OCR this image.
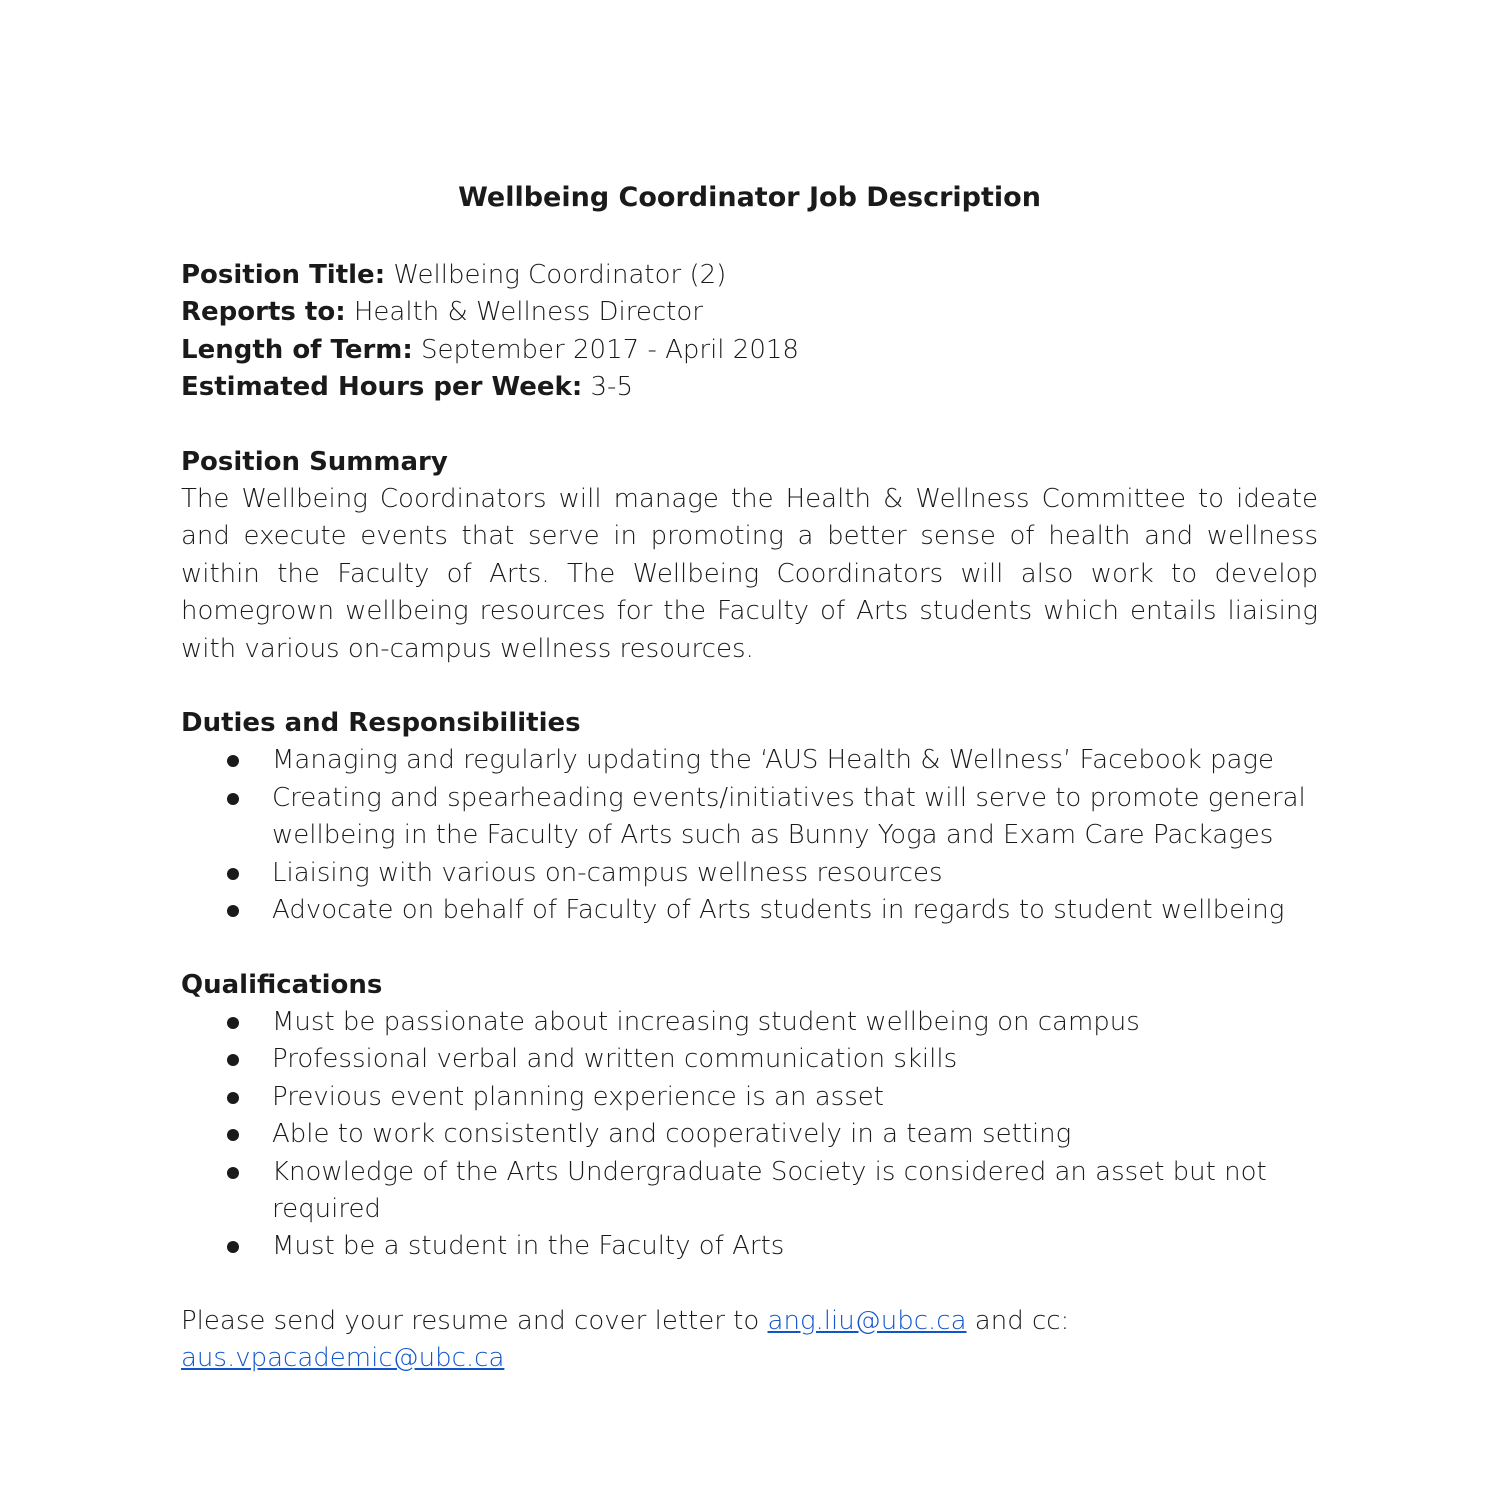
Wellbeing Coordinator Job Description

Position Title: Wellbeing Coordinator (2)

Reports to: Health & Wellness Director

Length of Term: September 2017 - April 2018

Estimated Hours per Week: 3-5

Position Summary

The Wellbeing Coordinators will manage the Health & Wellness Committee to ideate and execute events that serve in promoting a better sense of health and wellness within the Faculty of Arts. The Wellbeing Coordinators will also work to develop homegrown wellbeing resources for the Faculty of Arts students which entails liaising with various on-campus wellness resources.

Duties and Responsibilities

Managing and regularly updating the ‘AUS Health & Wellness’ Facebook page
Creating and spearheading events/initiatives that will serve to promote general wellbeing in the Faculty of Arts such as Bunny Yoga and Exam Care Packages
Liaising with various on-campus wellness resources
Advocate on behalf of Faculty of Arts students in regards to student wellbeing

Qualifications

Must be passionate about increasing student wellbeing on campus
Professional verbal and written communication skills
Previous event planning experience is an asset
Able to work consistently and cooperatively in a team setting
Knowledge of the Arts Undergraduate Society is considered an asset but not required
Must be a student in the Faculty of Arts

Please send your resume and cover letter to ang.liu@ubc.ca and cc:
aus.vpacademic@ubc.ca
